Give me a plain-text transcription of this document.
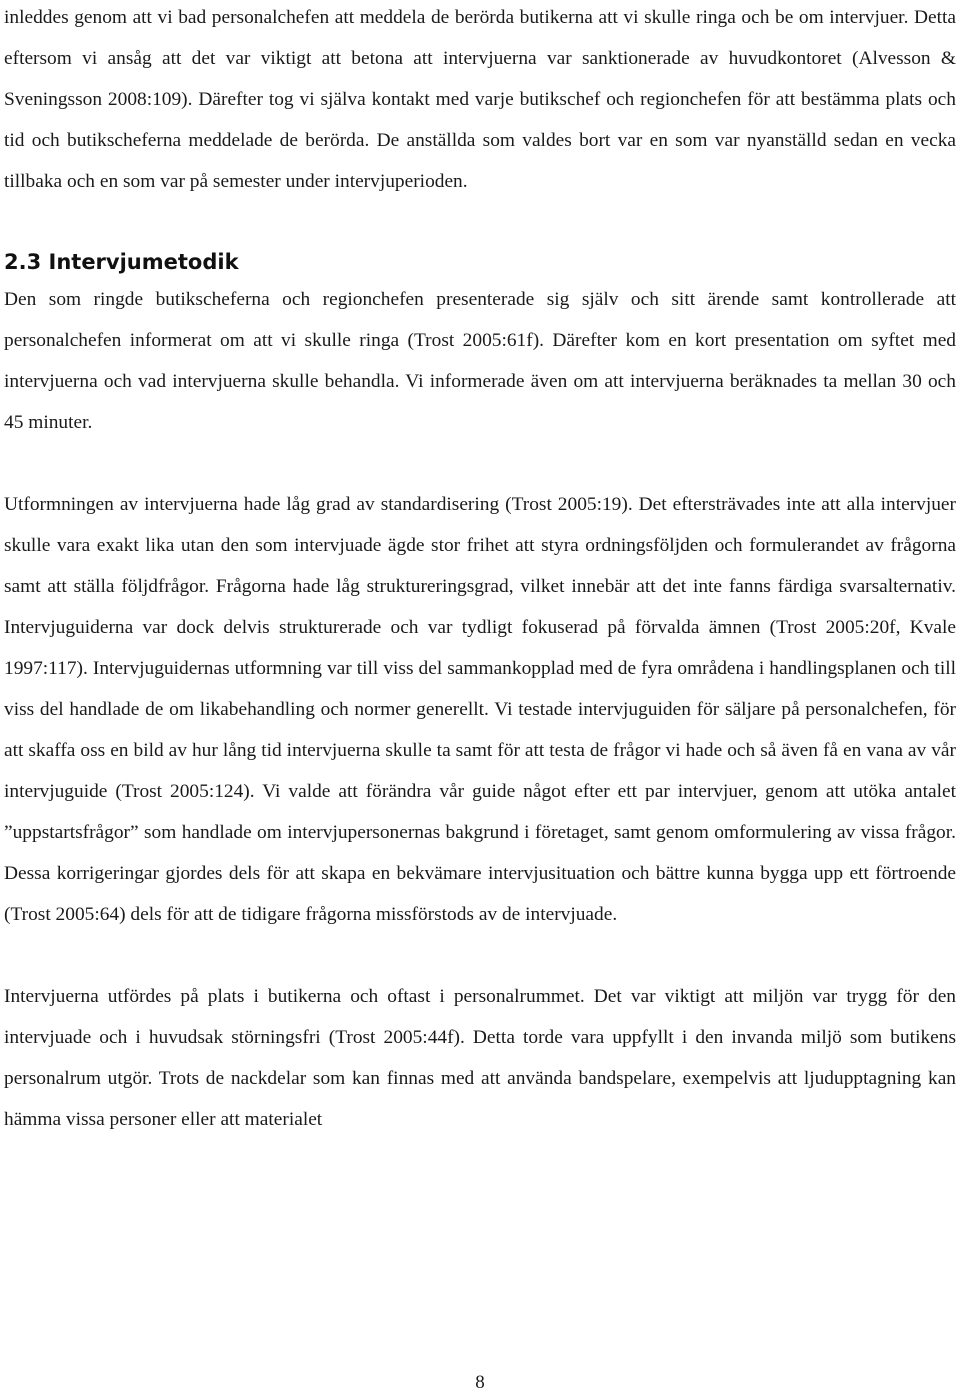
inleddes genom att vi bad personalchefen att meddela de berörda butikerna att vi skulle ringa och be om intervjuer. Detta eftersom vi ansåg att det var viktigt att betona att intervjuerna var sanktionerade av huvudkontoret (Alvesson & Sveningsson 2008:109). Därefter tog vi själva kontakt med varje butikschef och regionchefen för att bestämma plats och tid och butikscheferna meddelade de berörda. De anställda som valdes bort var en som var nyanställd sedan en vecka tillbaka och en som var på semester under intervjuperioden.

2.3 Intervjumetodik

Den som ringde butikscheferna och regionchefen presenterade sig själv och sitt ärende samt kontrollerade att personalchefen informerat om att vi skulle ringa (Trost 2005:61f). Därefter kom en kort presentation om syftet med intervjuerna och vad intervjuerna skulle behandla. Vi informerade även om att intervjuerna beräknades ta mellan 30 och 45 minuter.

Utformningen av intervjuerna hade låg grad av standardisering (Trost 2005:19). Det eftersträvades inte att alla intervjuer skulle vara exakt lika utan den som intervjuade ägde stor frihet att styra ordningsföljden och formulerandet av frågorna samt att ställa följdfrågor. Frågorna hade låg struktureringsgrad, vilket innebär att det inte fanns färdiga svarsalternativ. Intervjuguiderna var dock delvis strukturerade och var tydligt fokuserad på förvalda ämnen (Trost 2005:20f, Kvale 1997:117). Intervjuguidernas utformning var till viss del sammankopplad med de fyra områdena i handlingsplanen och till viss del handlade de om likabehandling och normer generellt. Vi testade intervjuguiden för säljare på personalchefen, för att skaffa oss en bild av hur lång tid intervjuerna skulle ta samt för att testa de frågor vi hade och så även få en vana av vår intervjuguide (Trost 2005:124). Vi valde att förändra vår guide något efter ett par intervjuer, genom att utöka antalet ”uppstartsfrågor” som handlade om intervjupersonernas bakgrund i företaget, samt genom omformulering av vissa frågor. Dessa korrigeringar gjordes dels för att skapa en bekvämare intervjusituation och bättre kunna bygga upp ett förtroende (Trost 2005:64) dels för att de tidigare frågorna missförstods av de intervjuade.

Intervjuerna utfördes på plats i butikerna och oftast i personalrummet. Det var viktigt att miljön var trygg för den intervjuade och i huvudsak störningsfri (Trost 2005:44f). Detta torde vara uppfyllt i den invanda miljö som butikens personalrum utgör. Trots de nackdelar som kan finnas med att använda bandspelare, exempelvis att ljudupptagning kan hämma vissa personer eller att materialet

8
